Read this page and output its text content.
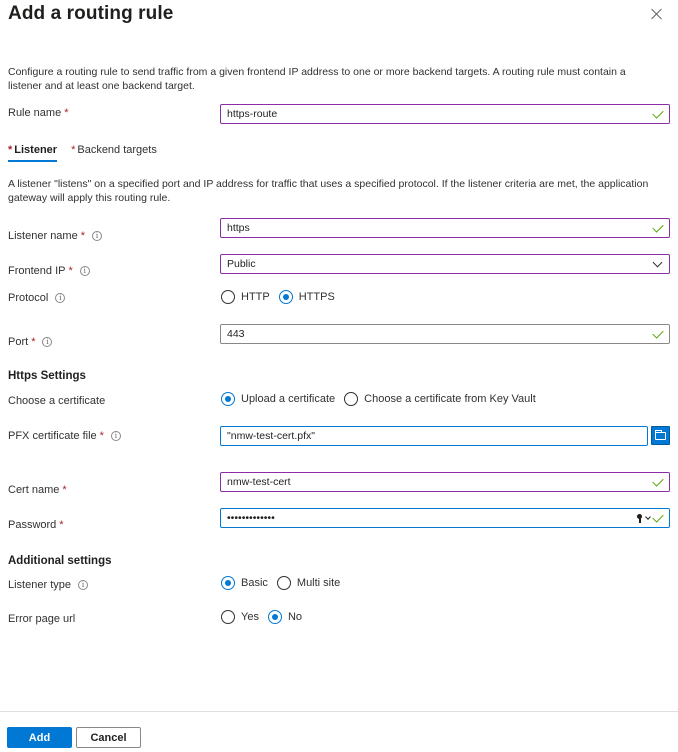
Add a routing rule
Configure a routing rule to send traffic from a given frontend IP address to one or more backend targets. A routing rule must contain a listener and at least one backend target.
Rule name *	https-route
* Listener * Backend targets
A listener "listens" on a specified port and IP address for traffic that uses a specified protocol. If the listener criteria are met, the application gateway will apply this routing rule.
Listener name *	i
https
Frontend IP *	i
Public
Protocol	i	HTTP	HTTPS
Port *	i
443
Https Settings
Choose a certificate	Upload a certificate	Choose a certificate from Key Vault
PFX certificate file *	i	"nmw-test-cert.pfx"
Cert name *
nmw-test-cert
Password *
•••••••••••••
Additional settings
Listener type	i	Basic	Multi site
Error page url	Yes	No
Add	Cancel
